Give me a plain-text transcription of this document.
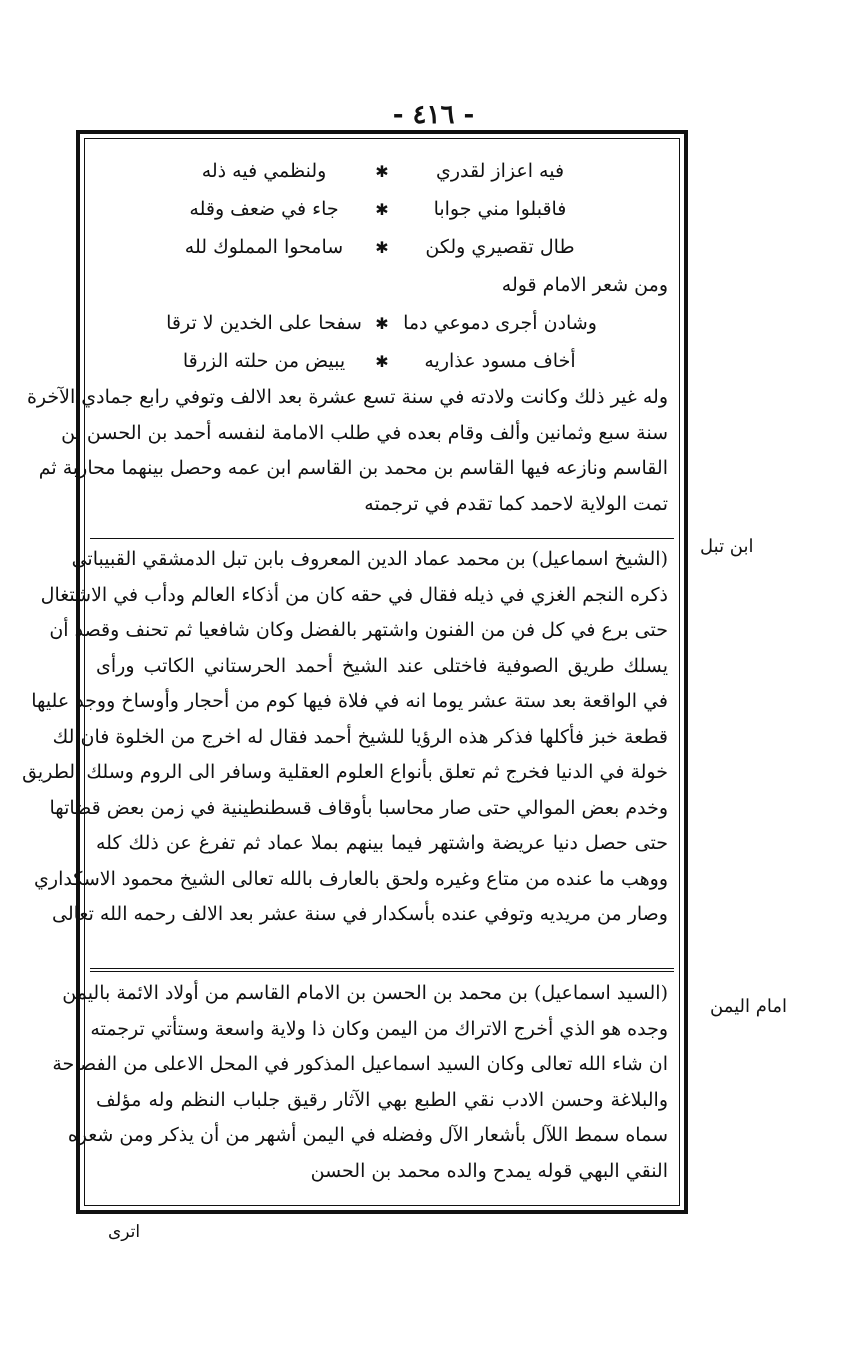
- ٤١٦ -
فيه اعزاز لقدري
✱
ولنظمي فيه ذله
فاقبلوا مني جوابا
✱
جاء في ضعف وقله
طال تقصيري ولكن
✱
سامحوا المملوك لله
ومن شعر الامام قوله
وشادن أجرى دموعي دما
✱
سفحا على الخدين لا ترقا
أخاف مسود عذاريه
✱
يبيض من حلته الزرقا
وله غير ذلك وكانت ولادته في سنة تسع عشرة بعد الالف وتوفي رابع جمادي الآخرة
سنة سبع وثمانين وألف وقام بعده في طلب الامامة لنفسه أحمد بن الحسن بن
القاسم ونازعه فيها القاسم بن محمد بن القاسم ابن عمه وحصل بينهما محاربة ثم
تمت الولاية لاحمد كما تقدم في ترجمته
(الشيخ اسماعيل) بن محمد عماد الدين المعروف بابن تبل الدمشقي القبيباتي
ذكره النجم الغزي في ذيله فقال في حقه كان من أذكاء العالم ودأب في الاشتغال
حتى برع في كل فن من الفنون واشتهر بالفضل وكان شافعيا ثم تحنف وقصد أن
يسلك طريق الصوفية فاختلى عند الشيخ أحمد الحرستاني الكاتب ورأى
في الواقعة بعد ستة عشر يوما انه في فلاة فيها كوم من أحجار وأوساخ ووجد عليها
قطعة خبز فأكلها فذكر هذه الرؤيا للشيخ أحمد فقال له اخرج من الخلوة فان لك
خولة في الدنيا فخرج ثم تعلق بأنواع العلوم العقلية وسافر الى الروم وسلك الطريق
وخدم بعض الموالي حتى صار محاسبا بأوقاف قسطنطينية في زمن بعض قضاتها
حتى حصل دنيا عريضة واشتهر فيما بينهم بملا عماد ثم تفرغ عن ذلك كله
ووهب ما عنده من متاع وغيره ولحق بالعارف بالله تعالى الشيخ محمود الاسكداري
وصار من مريديه وتوفي عنده بأسكدار في سنة عشر بعد الالف رحمه الله تعالى
(السيد اسماعيل) بن محمد بن الحسن بن الامام القاسم من أولاد الائمة باليمن
وجده هو الذي أخرج الاتراك من اليمن وكان ذا ولاية واسعة وستأتي ترجمته
ان شاء الله تعالى وكان السيد اسماعيل المذكور في المحل الاعلى من الفصاحة
والبلاغة وحسن الادب نقي الطبع بهي الآثار رقيق جلباب النظم وله مؤلف
سماه سمط اللآل بأشعار الآل وفضله في اليمن أشهر من أن يذكر ومن شعره
النقي البهي قوله يمدح والده محمد بن الحسن
ابن تبل
امام اليمن
اترى
